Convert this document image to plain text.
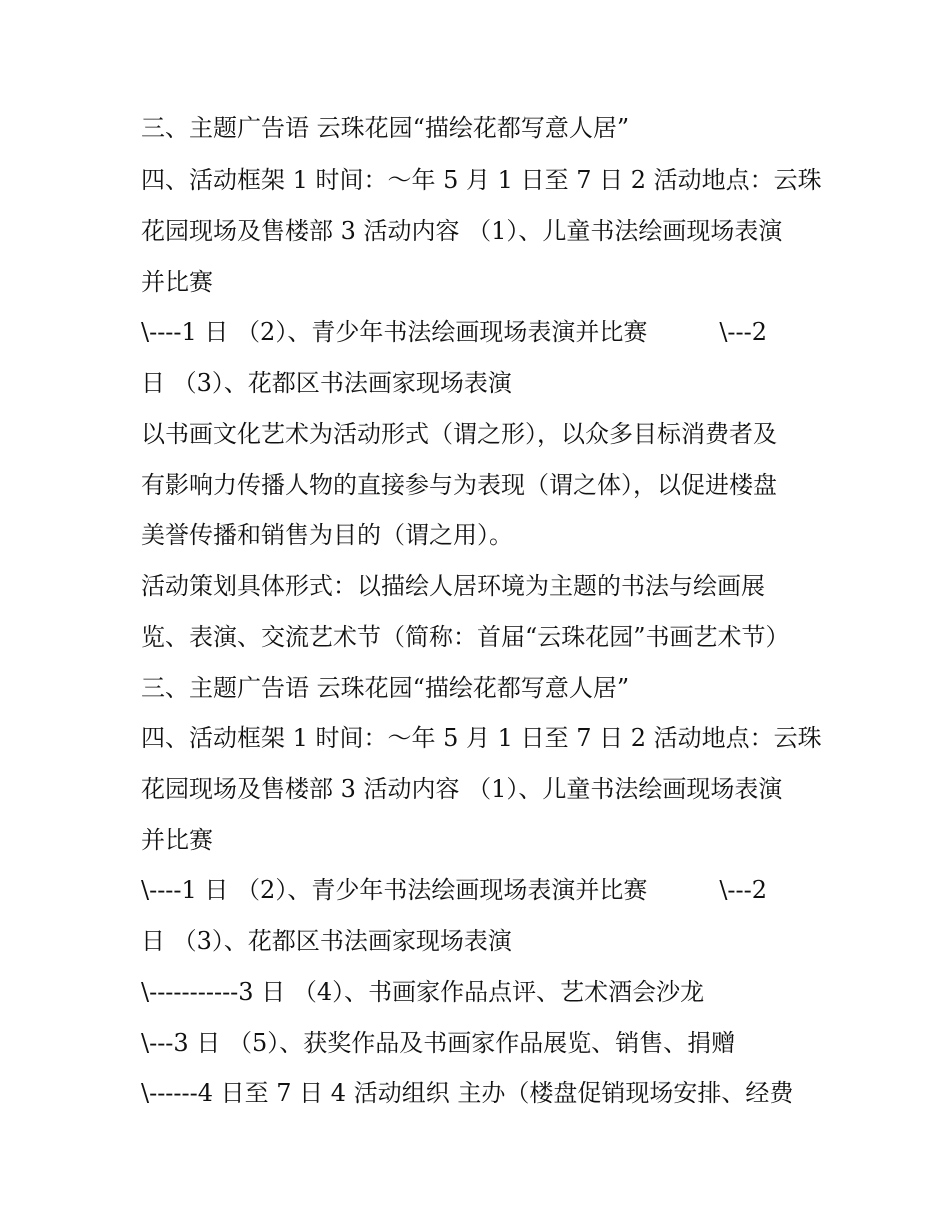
三、主题广告语 云珠花园“描绘花都写意人居”
四、活动框架 1 时间：～年 5 月 1 日至 7 日 2 活动地点：云珠
花园现场及售楼部 3 活动内容 （1）、儿童书法绘画现场表演
并比赛
\----1 日 （2）、青少年书法绘画现场表演并比赛　　　\---2
日 （3）、花都区书法画家现场表演
以书画文化艺术为活动形式（谓之形），以众多目标消费者及
有影响力传播人物的直接参与为表现（谓之体），以促进楼盘
美誉传播和销售为目的（谓之用）。
活动策划具体形式：以描绘人居环境为主题的书法与绘画展
览、表演、交流艺术节（简称：首届“云珠花园”书画艺术节）
三、主题广告语 云珠花园“描绘花都写意人居”
四、活动框架 1 时间：～年 5 月 1 日至 7 日 2 活动地点：云珠
花园现场及售楼部 3 活动内容 （1）、儿童书法绘画现场表演
并比赛
\----1 日 （2）、青少年书法绘画现场表演并比赛　　　\---2
日 （3）、花都区书法画家现场表演
\-----------3 日 （4）、书画家作品点评、艺术酒会沙龙
\---3 日 （5）、获奖作品及书画家作品展览、销售、捐赠
\------4 日至 7 日 4 活动组织 主办（楼盘促销现场安排、经费
